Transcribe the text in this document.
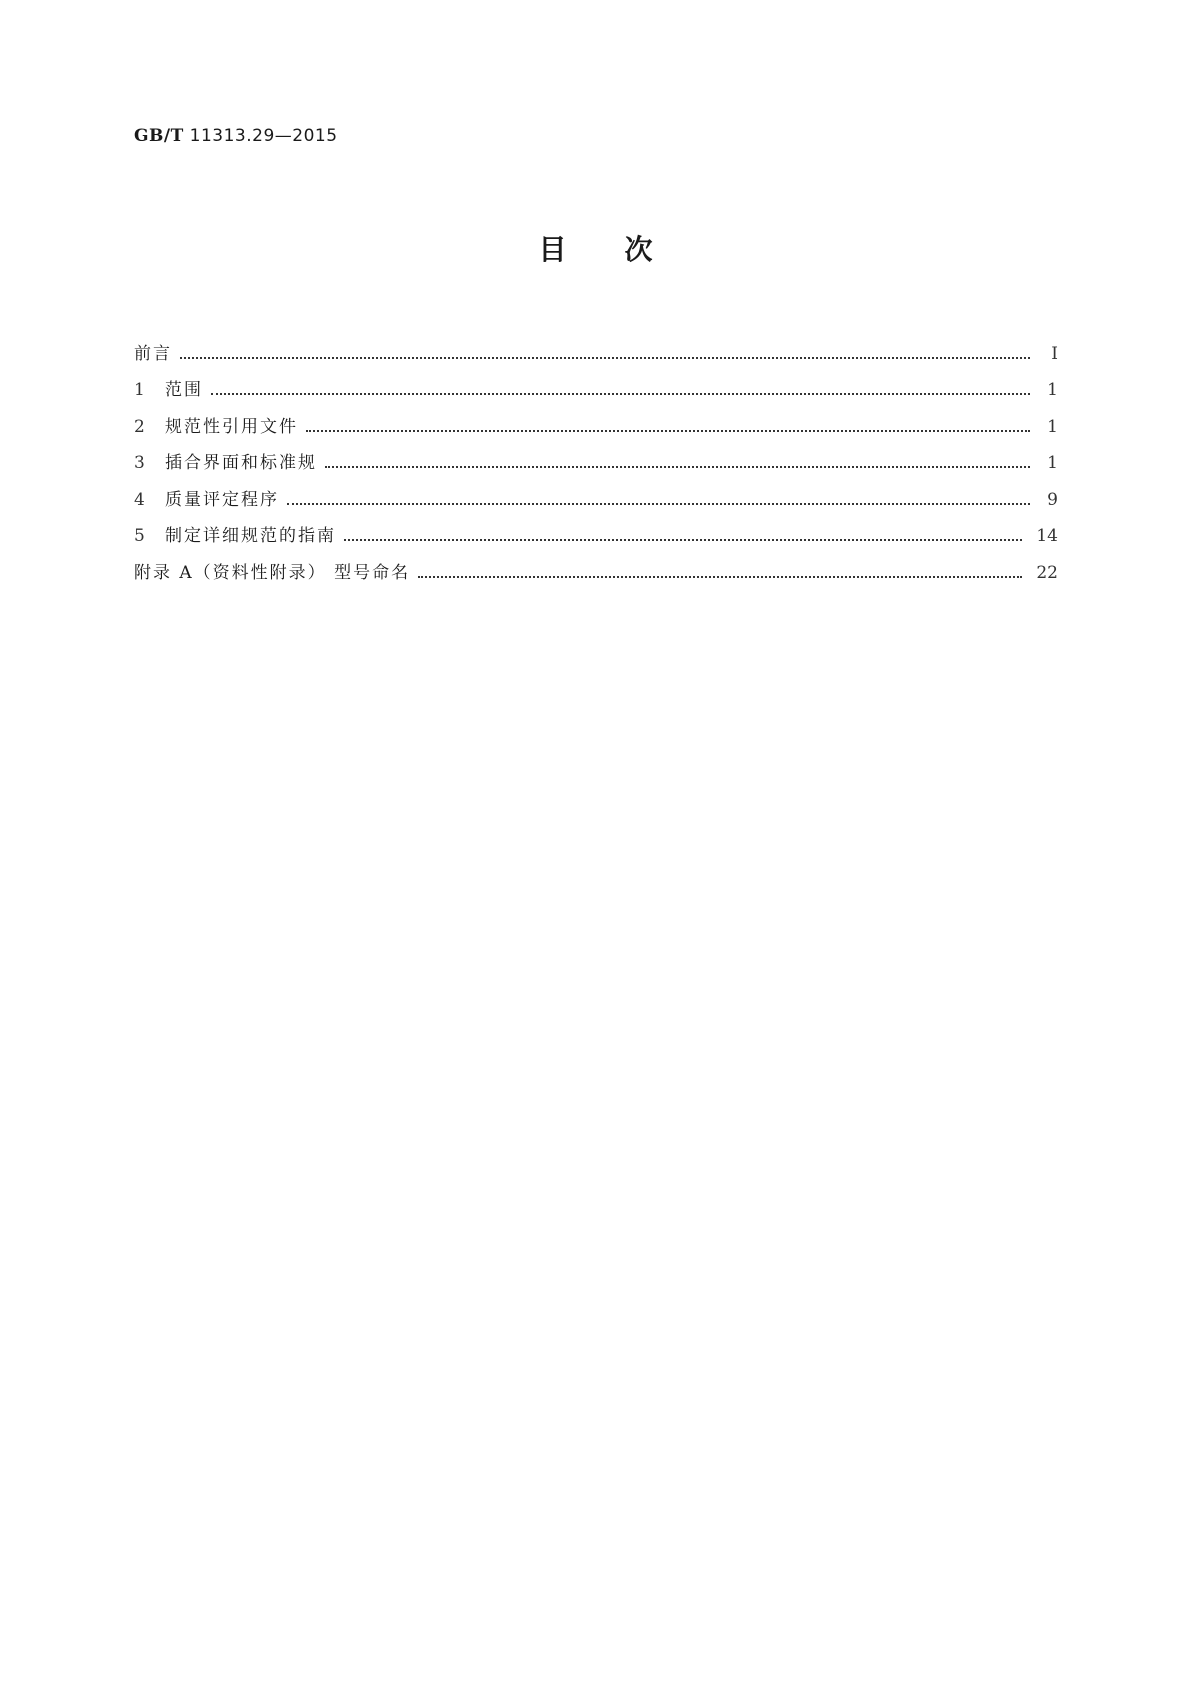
GB/T 11313.29—2015
目次
前言	Ⅰ
1	范围	1
2	规范性引用文件	1
3	插合界面和标准规	1
4	质量评定程序	9
5	制定详细规范的指南	14
附录 A（资料性附录） 型号命名	22
